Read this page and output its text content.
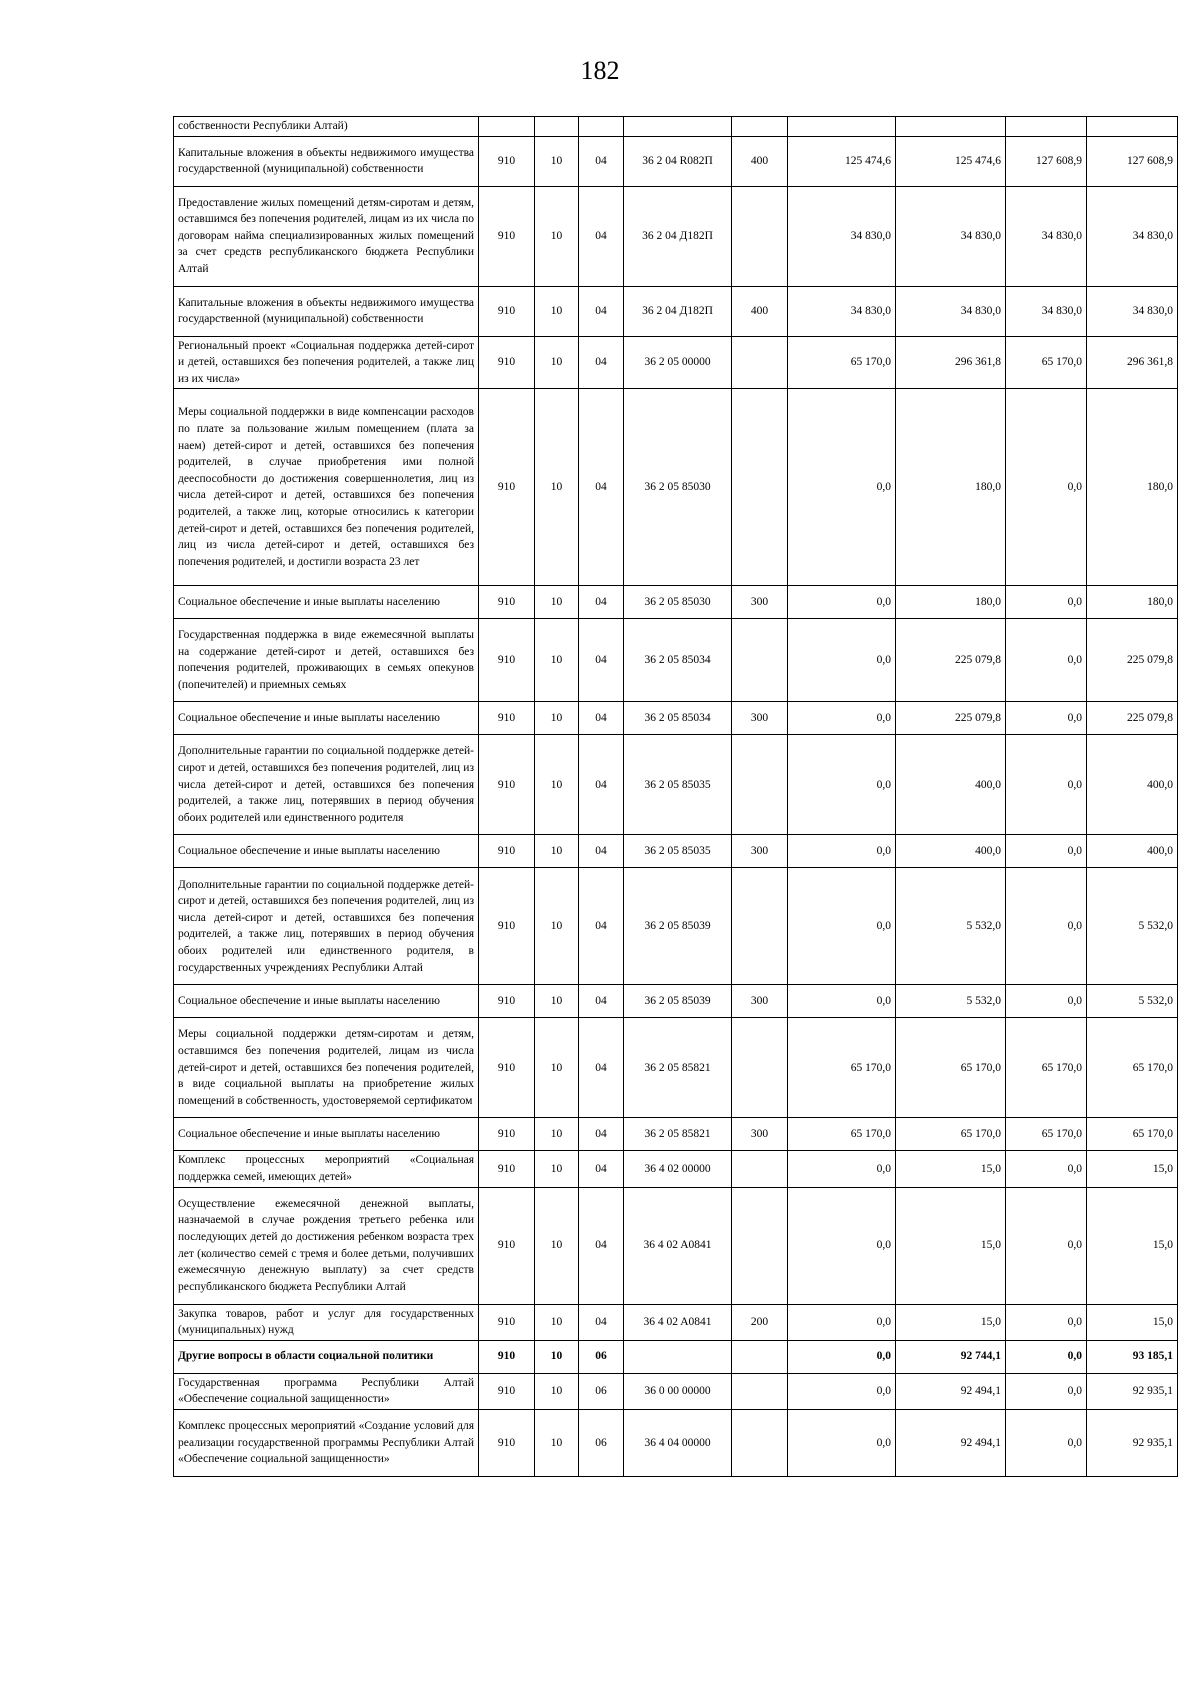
182
собственности Республики Алтай)									
Капитальные вложения в объекты недвижимого имущества государственной (муниципальной) собственности	910	10	04	36 2 04 R082П	400	125 474,6	125 474,6	127 608,9	127 608,9
Предоставление жилых помещений детям-сиротам и детям, оставшимся без попечения родителей, лицам из их числа по договорам найма специализированных жилых помещений за счет средств республиканского бюджета Республики Алтай	910	10	04	36 2 04 Д182П		34 830,0	34 830,0	34 830,0	34 830,0
Капитальные вложения в объекты недвижимого имущества государственной (муниципальной) собственности	910	10	04	36 2 04 Д182П	400	34 830,0	34 830,0	34 830,0	34 830,0
Региональный проект «Социальная поддержка детей-сирот и детей, оставшихся без попечения родителей, а также лиц из их числа»	910	10	04	36 2 05 00000		65 170,0	296 361,8	65 170,0	296 361,8
Меры социальной поддержки в виде компенсации расходов по плате за пользование жилым помещением (плата за наем) детей-сирот и детей, оставшихся без попечения родителей, в случае приобретения ими полной дееспособности до достижения совершеннолетия, лиц из числа детей-сирот и детей, оставшихся без попечения родителей, а также лиц, которые относились к категории детей-сирот и детей, оставшихся без попечения родителей, лиц из числа детей-сирот и детей, оставшихся без попечения родителей, и достигли возраста 23 лет	910	10	04	36 2 05 85030		0,0	180,0	0,0	180,0
Социальное обеспечение и иные выплаты населению	910	10	04	36 2 05 85030	300	0,0	180,0	0,0	180,0
Государственная поддержка в виде ежемесячной выплаты на содержание детей-сирот и детей, оставшихся без попечения родителей, проживающих в семьях опекунов (попечителей) и приемных семьях	910	10	04	36 2 05 85034		0,0	225 079,8	0,0	225 079,8
Социальное обеспечение и иные выплаты населению	910	10	04	36 2 05 85034	300	0,0	225 079,8	0,0	225 079,8
Дополнительные гарантии по социальной поддержке детей-сирот и детей, оставшихся без попечения родителей, лиц из числа детей-сирот и детей, оставшихся без попечения родителей, а также лиц, потерявших в период обучения обоих родителей или единственного родителя	910	10	04	36 2 05 85035		0,0	400,0	0,0	400,0
Социальное обеспечение и иные выплаты населению	910	10	04	36 2 05 85035	300	0,0	400,0	0,0	400,0
Дополнительные гарантии по социальной поддержке детей-сирот и детей, оставшихся без попечения родителей, лиц из числа детей-сирот и детей, оставшихся без попечения родителей, а также лиц, потерявших в период обучения обоих родителей или единственного родителя, в государственных учреждениях Республики Алтай	910	10	04	36 2 05 85039		0,0	5 532,0	0,0	5 532,0
Социальное обеспечение и иные выплаты населению	910	10	04	36 2 05 85039	300	0,0	5 532,0	0,0	5 532,0
Меры социальной поддержки детям-сиротам и детям, оставшимся без попечения родителей, лицам из числа детей-сирот и детей, оставшихся без попечения родителей, в виде социальной выплаты на приобретение жилых помещений в собственность, удостоверяемой сертификатом	910	10	04	36 2 05 85821		65 170,0	65 170,0	65 170,0	65 170,0
Социальное обеспечение и иные выплаты населению	910	10	04	36 2 05 85821	300	65 170,0	65 170,0	65 170,0	65 170,0
Комплекс процессных мероприятий «Социальная поддержка семей, имеющих детей»	910	10	04	36 4 02 00000		0,0	15,0	0,0	15,0
Осуществление ежемесячной денежной выплаты, назначаемой в случае рождения третьего ребенка или последующих детей до достижения ребенком возраста трех лет (количество семей с тремя и более детьми, получивших ежемесячную денежную выплату) за счет средств республиканского бюджета Республики Алтай	910	10	04	36 4 02 A0841		0,0	15,0	0,0	15,0
Закупка товаров, работ и услуг для государственных (муниципальных) нужд	910	10	04	36 4 02 A0841	200	0,0	15,0	0,0	15,0
Другие вопросы в области социальной политики	910	10	06			0,0	92 744,1	0,0	93 185,1
Государственная программа Республики Алтай «Обеспечение социальной защищенности»	910	10	06	36 0 00 00000		0,0	92 494,1	0,0	92 935,1
Комплекс процессных мероприятий «Создание условий для реализации государственной программы Республики Алтай «Обеспечение социальной защищенности»	910	10	06	36 4 04 00000		0,0	92 494,1	0,0	92 935,1
